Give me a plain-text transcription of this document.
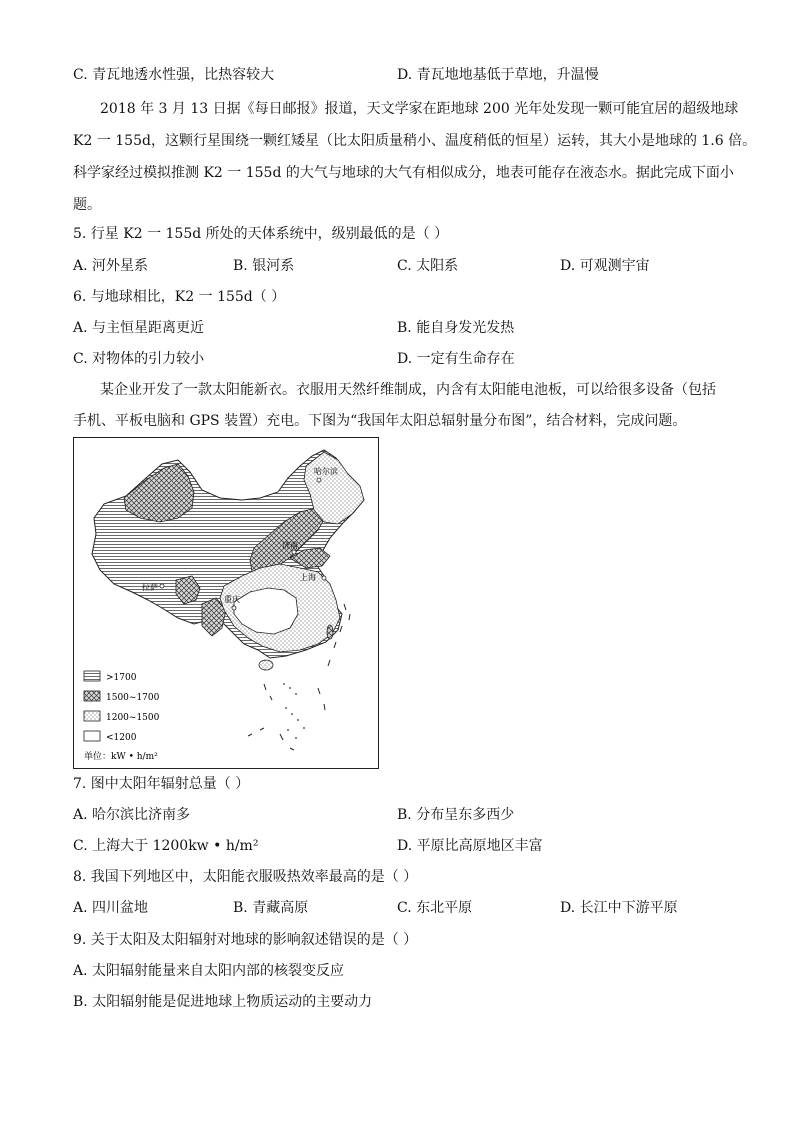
C. 青瓦地透水性强，比热容较大	D. 青瓦地地基低于草地，升温慢
2018 年 3 月 13 日据《每日邮报》报道，天文学家在距地球 200 光年处发现一颗可能宜居的超级地球
K2 一 155d，这颗行星围绕一颗红矮星（比太阳质量稍小、温度稍低的恒星）运转，其大小是地球的 1.6 倍。
科学家经过模拟推测 K2 一 155d 的大气与地球的大气有相似成分，地表可能存在液态水。据此完成下面小
题。
5. 行星 K2 一 155d 所处的天体系统中，级别最低的是（ ）
A. 河外星系	B. 银河系	C. 太阳系	D. 可观测宇宙
6. 与地球相比，K2 一 155d（ ）
A. 与主恒星距离更近	B. 能自身发光发热
C. 对物体的引力较小	D. 一定有生命存在
某企业开发了一款太阳能新衣。衣服用天然纤维制成，内含有太阳能电池板，可以给很多设备（包括
手机、平板电脑和 GPS 装置）充电。下图为“我国年太阳总辐射量分布图”，结合材料，完成问题。
哈尔滨
济南
上海
拉萨
重庆
>1700
1500~1700
1200~1500
<1200
单位：kW • h/m²
7. 图中太阳年辐射总量（ ）
A. 哈尔滨比济南多	B. 分布呈东多西少
C. 上海大于 1200kw • h/m²	D. 平原比高原地区丰富
8. 我国下列地区中，太阳能衣服吸热效率最高的是（ ）
A. 四川盆地	B. 青藏高原	C. 东北平原	D. 长江中下游平原
9. 关于太阳及太阳辐射对地球的影响叙述错误的是（ ）
A. 太阳辐射能量来自太阳内部的核裂变反应
B. 太阳辐射能是促进地球上物质运动的主要动力
